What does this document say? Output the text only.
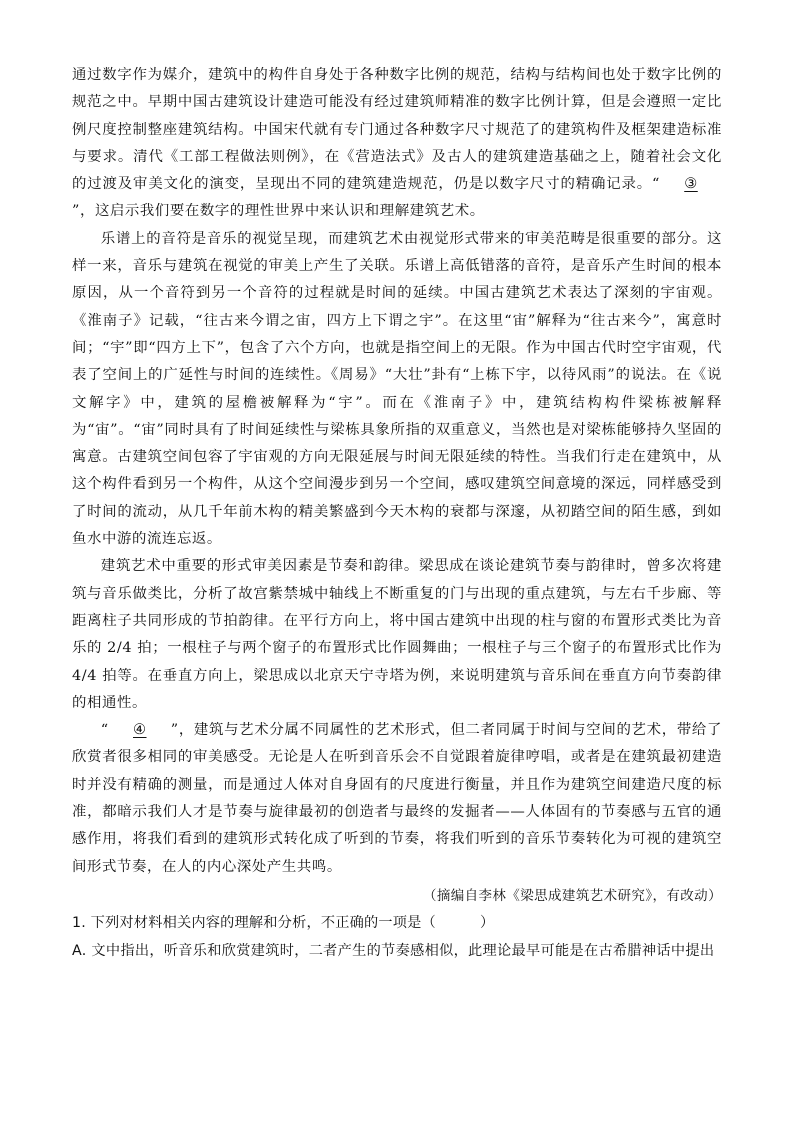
通过数字作为媒介，建筑中的构件自身处于各种数字比例的规范，结构与结构间也处于数字比例的规范之中。早期中国古建筑设计建造可能没有经过建筑师精准的数字比例计算，但是会遵照一定比例尺度控制整座建筑结构。中国宋代就有专门通过各种数字尺寸规范了的建筑构件及框架建造标准与要求。清代《工部工程做法则例》，在《营造法式》及古人的建筑建造基础之上，随着社会文化的过渡及审美文化的演变，呈现出不同的建筑建造规范，仍是以数字尺寸的精确记录。“ ③”，这启示我们要在数字的理性世界中来认识和理解建筑艺术。

乐谱上的音符是音乐的视觉呈现，而建筑艺术由视觉形式带来的审美范畴是很重要的部分。这样一来，音乐与建筑在视觉的审美上产生了关联。乐谱上高低错落的音符，是音乐产生时间的根本原因，从一个音符到另一个音符的过程就是时间的延续。中国古建筑艺术表达了深刻的宇宙观。《淮南子》记载，“往古来今谓之宙，四方上下谓之宇”。在这里“宙”解释为“往古来今”，寓意时间；“宇”即“四方上下”，包含了六个方向，也就是指空间上的无限。作为中国古代时空宇宙观，代表了空间上的广延性与时间的连续性。《周易》“大壮”卦有“上栋下宇，以待风雨”的说法。在《说文解字》中，建筑的屋檐被解释为“宇”。而在《淮南子》中，建筑结构构件梁栋被解释为“宙”。“宙”同时具有了时间延续性与梁栋具象所指的双重意义，当然也是对梁栋能够持久坚固的寓意。古建筑空间包容了宇宙观的方向无限延展与时间无限延续的特性。当我们行走在建筑中，从这个构件看到另一个构件，从这个空间漫步到另一个空间，感叹建筑空间意境的深远，同样感受到了时间的流动，从几千年前木构的精美繁盛到今天木构的衰都与深邃，从初踏空间的陌生感，到如鱼水中游的流连忘返。

建筑艺术中重要的形式审美因素是节奏和韵律。梁思成在谈论建筑节奏与韵律时，曾多次将建筑与音乐做类比，分析了故宫紫禁城中轴线上不断重复的门与出现的重点建筑，与左右千步廊、等距离柱子共同形成的节拍韵律。在平行方向上，将中国古建筑中出现的柱与窗的布置形式类比为音乐的 2/4 拍；一根柱子与两个窗子的布置形式比作圆舞曲；一根柱子与三个窗子的布置形式比作为 4/4 拍等。在垂直方向上，梁思成以北京天宁寺塔为例，来说明建筑与音乐间在垂直方向节奏韵律的相通性。

“ ④ ”，建筑与艺术分属不同属性的艺术形式，但二者同属于时间与空间的艺术，带给了欣赏者很多相同的审美感受。无论是人在听到音乐会不自觉跟着旋律哼唱，或者是在建筑最初建造时并没有精确的测量，而是通过人体对自身固有的尺度进行衡量，并且作为建筑空间建造尺度的标准，都暗示我们人才是节奏与旋律最初的创造者与最终的发掘者——人体固有的节奏感与五官的通感作用，将我们看到的建筑形式转化成了听到的节奏，将我们听到的音乐节奏转化为可视的建筑空间形式节奏，在人的内心深处产生共鸣。

（摘编自李林《梁思成建筑艺术研究》，有改动）

1. 下列对材料相关内容的理解和分析，不正确的一项是（	）

A. 文中指出，听音乐和欣赏建筑时，二者产生的节奏感相似，此理论最早可能是在古希腊神话中提出
